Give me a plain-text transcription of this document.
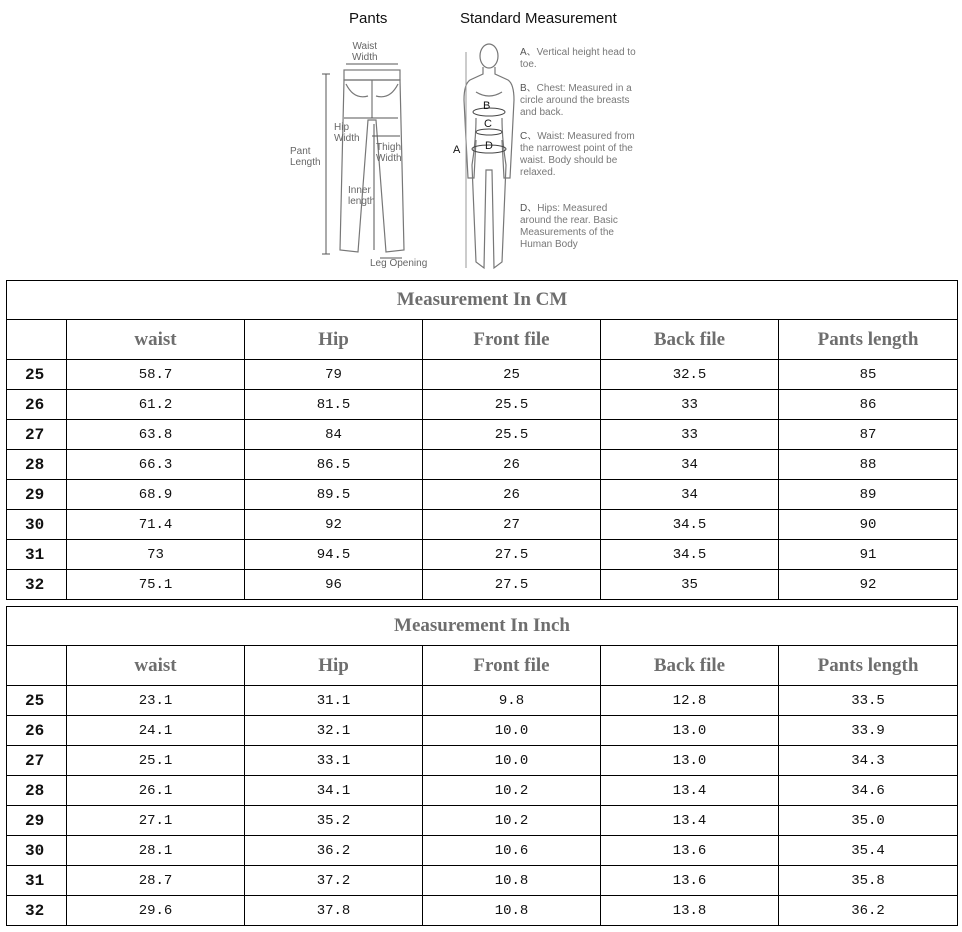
Pants	Standard Measurement
Waist
Width
Hip
Width
Thigh
Width
Pant
Length
Inner
length
Leg Opening
B
C
A D
A、Vertical height head to toe.
B、Chest: Measured in a circle around the breasts and back.
C、Waist: Measured from the narrowest point of the waist. Body should be relaxed.
D、Hips: Measured around the rear. Basic Measurements of the Human Body
Measurement In CM					
	waist	Hip	Front file	Back file	Pants length
25	58.7	79	25	32.5	85
26	61.2	81.5	25.5	33	86
27	63.8	84	25.5	33	87
28	66.3	86.5	26	34	88
29	68.9	89.5	26	34	89
30	71.4	92	27	34.5	90
31	73	94.5	27.5	34.5	91
32	75.1	96	27.5	35	92
Measurement In Inch					
	waist	Hip	Front file	Back file	Pants length
25	23.1	31.1	9.8	12.8	33.5
26	24.1	32.1	10.0	13.0	33.9
27	25.1	33.1	10.0	13.0	34.3
28	26.1	34.1	10.2	13.4	34.6
29	27.1	35.2	10.2	13.4	35.0
30	28.1	36.2	10.6	13.6	35.4
31	28.7	37.2	10.8	13.6	35.8
32	29.6	37.8	10.8	13.8	36.2
